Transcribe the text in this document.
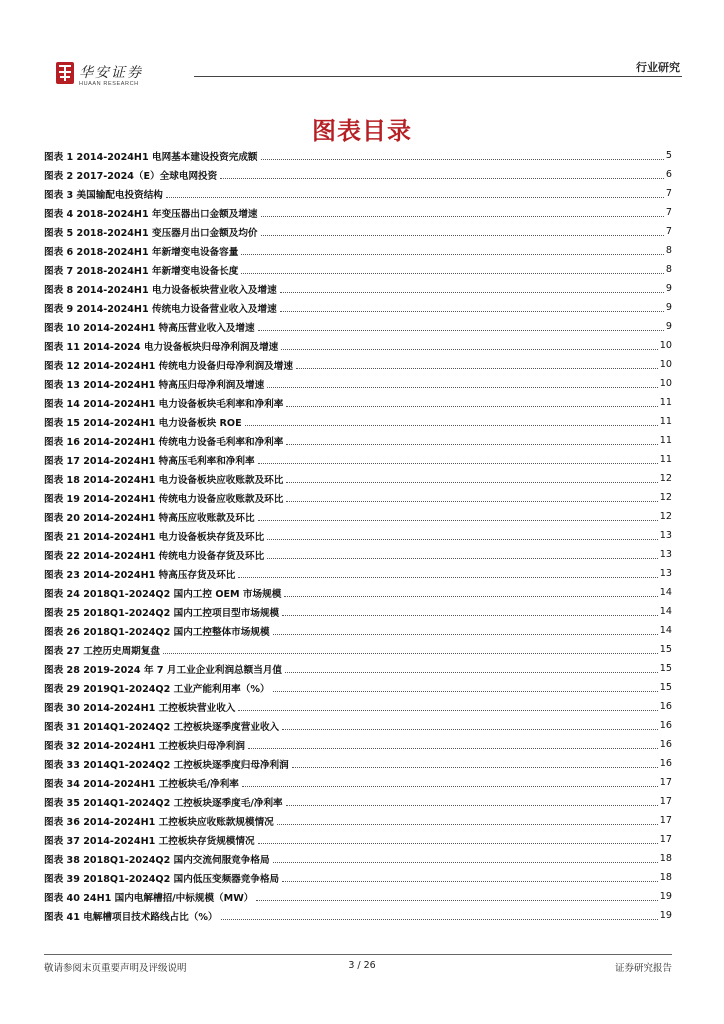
华安证券
HUAAN RESEARCH
行业研究
图表目录
图表 1 2014-2024H1 电网基本建设投资完成额	5
图表 2 2017-2024（E）全球电网投资	6
图表 3 美国输配电投资结构	7
图表 4 2018-2024H1 年变压器出口金额及增速	7
图表 5 2018-2024H1 变压器月出口金额及均价	7
图表 6 2018-2024H1 年新增变电设备容量	8
图表 7 2018-2024H1 年新增变电设备长度	8
图表 8 2014-2024H1 电力设备板块营业收入及增速	9
图表 9 2014-2024H1 传统电力设备营业收入及增速	9
图表 10 2014-2024H1 特高压营业收入及增速	9
图表 11 2014-2024 电力设备板块归母净利润及增速	10
图表 12 2014-2024H1 传统电力设备归母净利润及增速	10
图表 13 2014-2024H1 特高压归母净利润及增速	10
图表 14 2014-2024H1 电力设备板块毛利率和净利率	11
图表 15 2014-2024H1 电力设备板块 ROE	11
图表 16 2014-2024H1 传统电力设备毛利率和净利率	11
图表 17 2014-2024H1 特高压毛利率和净利率	11
图表 18 2014-2024H1 电力设备板块应收账款及环比	12
图表 19 2014-2024H1 传统电力设备应收账款及环比	12
图表 20 2014-2024H1 特高压应收账款及环比	12
图表 21 2014-2024H1 电力设备板块存货及环比	13
图表 22 2014-2024H1 传统电力设备存货及环比	13
图表 23 2014-2024H1 特高压存货及环比	13
图表 24 2018Q1-2024Q2 国内工控 OEM 市场规模	14
图表 25 2018Q1-2024Q2 国内工控项目型市场规模	14
图表 26 2018Q1-2024Q2 国内工控整体市场规模	14
图表 27 工控历史周期复盘	15
图表 28 2019-2024 年 7 月工业企业利润总额当月值	15
图表 29 2019Q1-2024Q2 工业产能利用率（%）	15
图表 30 2014-2024H1 工控板块营业收入	16
图表 31 2014Q1-2024Q2 工控板块逐季度营业收入	16
图表 32 2014-2024H1 工控板块归母净利润	16
图表 33 2014Q1-2024Q2 工控板块逐季度归母净利润	16
图表 34 2014-2024H1 工控板块毛/净利率	17
图表 35 2014Q1-2024Q2 工控板块逐季度毛/净利率	17
图表 36 2014-2024H1 工控板块应收账款规模情况	17
图表 37 2014-2024H1 工控板块存货规模情况	17
图表 38 2018Q1-2024Q2 国内交流伺服竞争格局	18
图表 39 2018Q1-2024Q2 国内低压变频器竞争格局	18
图表 40 24H1 国内电解槽招/中标规模（MW）	19
图表 41 电解槽项目技术路线占比（%）	19
敬请参阅末页重要声明及评级说明	3 / 26	证券研究报告
